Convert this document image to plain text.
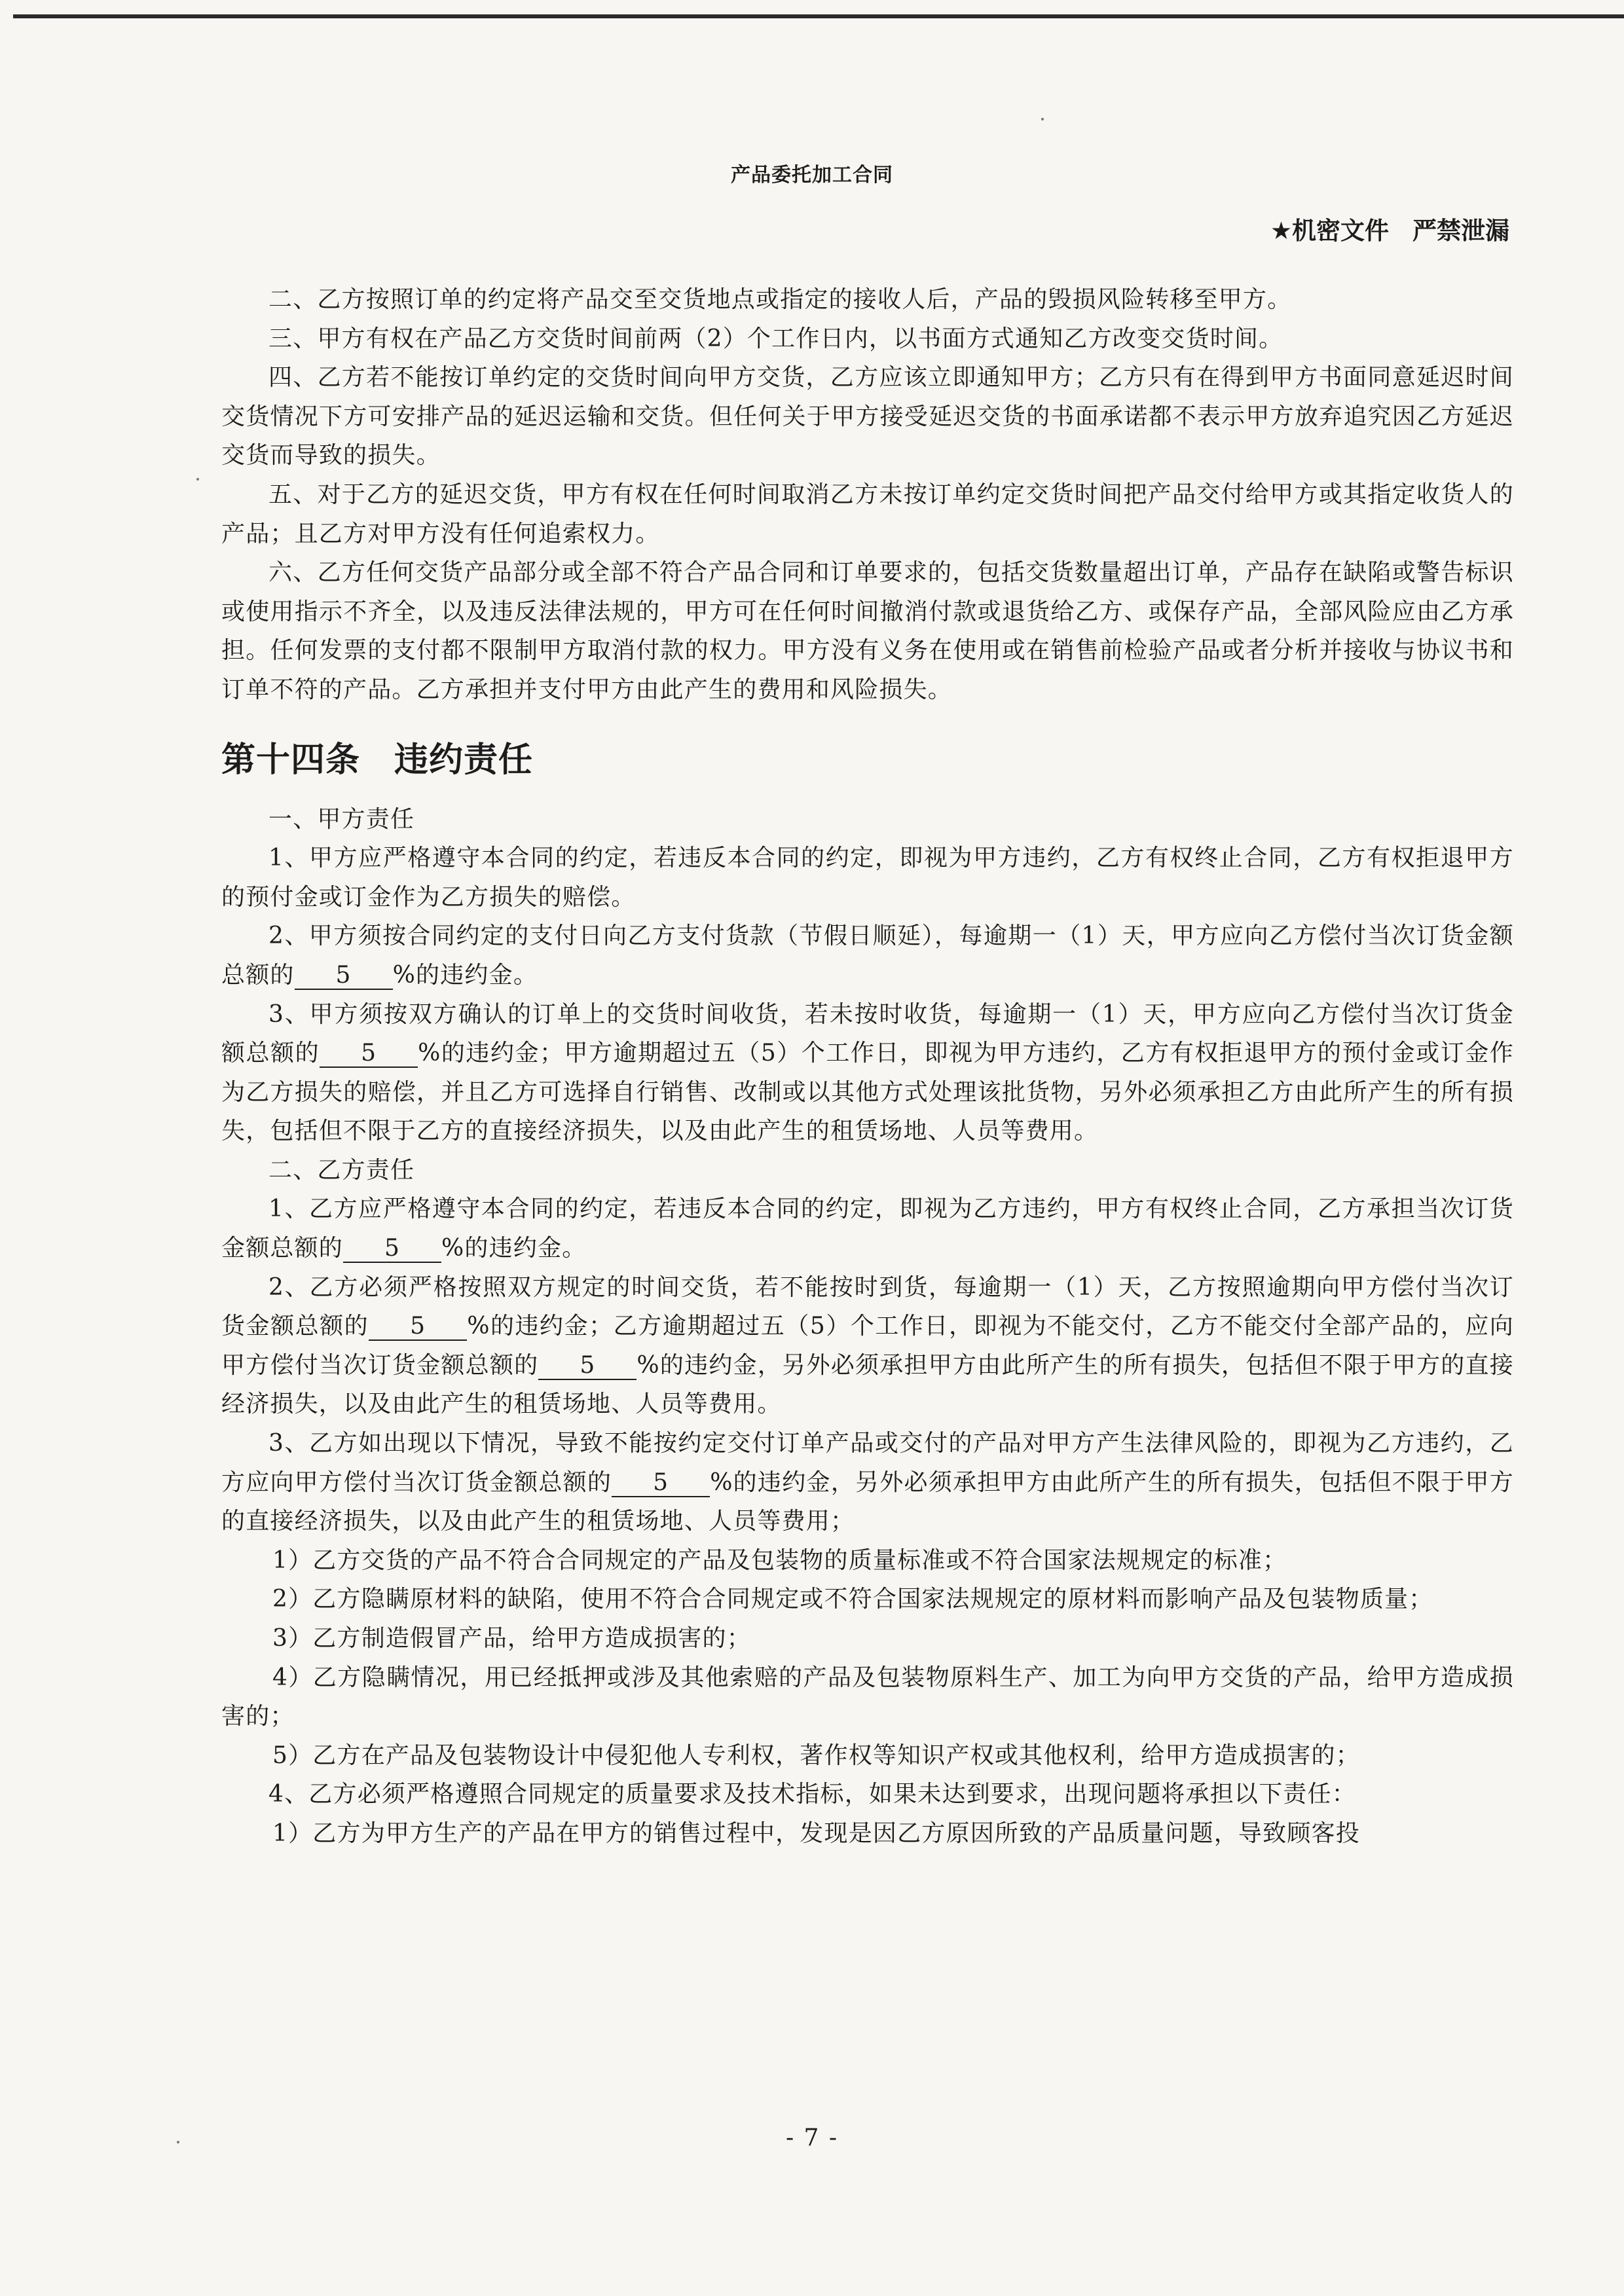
产品委托加工合同
★机密文件 严禁泄漏

二、乙方按照订单的约定将产品交至交货地点或指定的接收人后，产品的毁损风险转移至甲方。

三、甲方有权在产品乙方交货时间前两（2）个工作日内，以书面方式通知乙方改变交货时间。

四、乙方若不能按订单约定的交货时间向甲方交货，乙方应该立即通知甲方；乙方只有在得到甲方书面同意延迟时间交货情况下方可安排产品的延迟运输和交货。但任何关于甲方接受延迟交货的书面承诺都不表示甲方放弃追究因乙方延迟交货而导致的损失。

五、对于乙方的延迟交货，甲方有权在任何时间取消乙方未按订单约定交货时间把产品交付给甲方或其指定收货人的产品；且乙方对甲方没有任何追索权力。

六、乙方任何交货产品部分或全部不符合产品合同和订单要求的，包括交货数量超出订单，产品存在缺陷或警告标识或使用指示不齐全，以及违反法律法规的，甲方可在任何时间撤消付款或退货给乙方、或保存产品，全部风险应由乙方承担。任何发票的支付都不限制甲方取消付款的权力。甲方没有义务在使用或在销售前检验产品或者分析并接收与协议书和订单不符的产品。乙方承担并支付甲方由此产生的费用和风险损失。

第十四条 违约责任

一、甲方责任

1、甲方应严格遵守本合同的约定，若违反本合同的约定，即视为甲方违约，乙方有权终止合同，乙方有权拒退甲方的预付金或订金作为乙方损失的赔偿。

2、甲方须按合同约定的支付日向乙方支付货款（节假日顺延），每逾期一（1）天，甲方应向乙方偿付当次订货金额总额的 5 %的违约金。

3、甲方须按双方确认的订单上的交货时间收货，若未按时收货，每逾期一（1）天，甲方应向乙方偿付当次订货金额总额的 5 %的违约金；甲方逾期超过五（5）个工作日，即视为甲方违约，乙方有权拒退甲方的预付金或订金作为乙方损失的赔偿，并且乙方可选择自行销售、改制或以其他方式处理该批货物，另外必须承担乙方由此所产生的所有损失，包括但不限于乙方的直接经济损失，以及由此产生的租赁场地、人员等费用。

二、乙方责任

1、乙方应严格遵守本合同的约定，若违反本合同的约定，即视为乙方违约，甲方有权终止合同，乙方承担当次订货金额总额的 5 %的违约金。

2、乙方必须严格按照双方规定的时间交货，若不能按时到货，每逾期一（1）天，乙方按照逾期向甲方偿付当次订货金额总额的 5 %的违约金；乙方逾期超过五（5）个工作日，即视为不能交付，乙方不能交付全部产品的，应向甲方偿付当次订货金额总额的 5 %的违约金，另外必须承担甲方由此所产生的所有损失，包括但不限于甲方的直接经济损失，以及由此产生的租赁场地、人员等费用。

3、乙方如出现以下情况，导致不能按约定交付订单产品或交付的产品对甲方产生法律风险的，即视为乙方违约，乙方应向甲方偿付当次订货金额总额的 5 %的违约金，另外必须承担甲方由此所产生的所有损失，包括但不限于甲方的直接经济损失，以及由此产生的租赁场地、人员等费用；

1）乙方交货的产品不符合合同规定的产品及包装物的质量标准或不符合国家法规规定的标准；

2）乙方隐瞒原材料的缺陷，使用不符合合同规定或不符合国家法规规定的原材料而影响产品及包装物质量；

3）乙方制造假冒产品，给甲方造成损害的；

4）乙方隐瞒情况，用已经抵押或涉及其他索赔的产品及包装物原料生产、加工为向甲方交货的产品，给甲方造成损害的；

5）乙方在产品及包装物设计中侵犯他人专利权，著作权等知识产权或其他权利，给甲方造成损害的；

4、乙方必须严格遵照合同规定的质量要求及技术指标，如果未达到要求，出现问题将承担以下责任：

1）乙方为甲方生产的产品在甲方的销售过程中，发现是因乙方原因所致的产品质量问题，导致顾客投

- 7 -
